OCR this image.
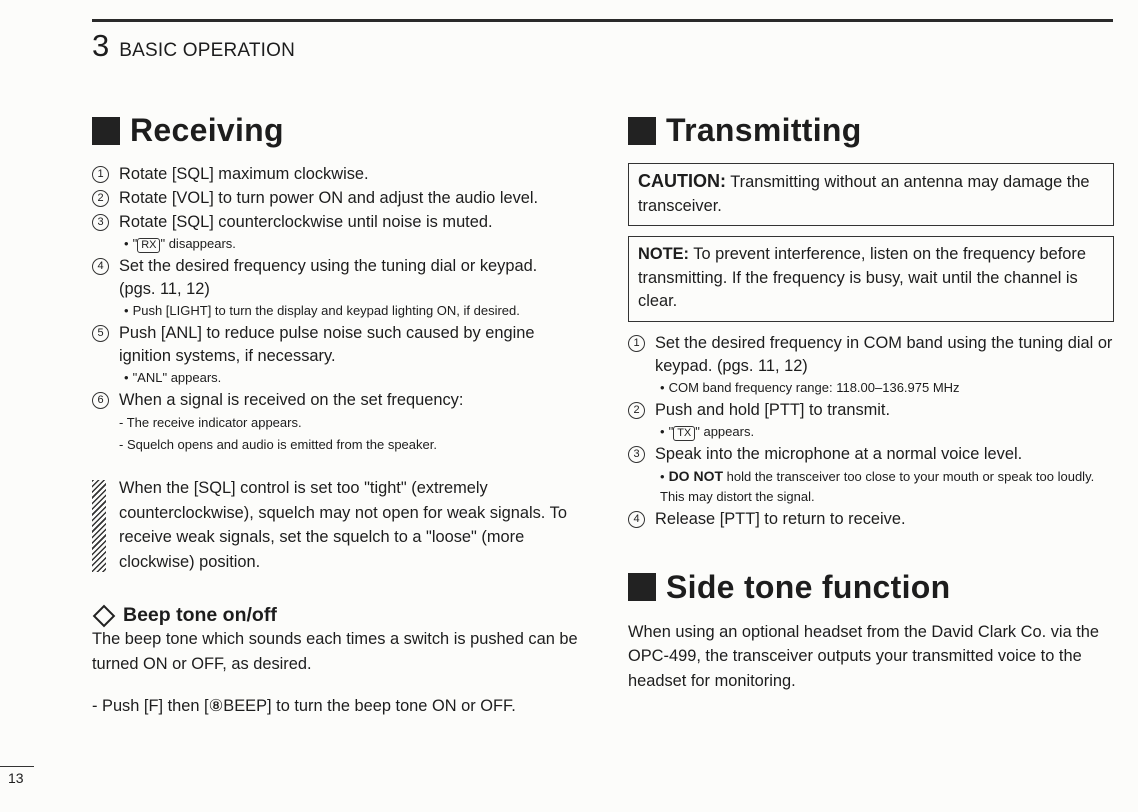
3 BASIC OPERATION
Receiving
1 Rotate [SQL] maximum clockwise.
2 Rotate [VOL] to turn power ON and adjust the audio level.
3 Rotate [SQL] counterclockwise until noise is muted.
• " RX " disappears.
4 Set the desired frequency using the tuning dial or keypad. (pgs. 11, 12)
• Push [LIGHT] to turn the display and keypad lighting ON, if desired.
5 Push [ANL] to reduce pulse noise such caused by engine ignition systems, if necessary.
• "ANL" appears.
6 When a signal is received on the set frequency:
- The receive indicator appears.
- Squelch opens and audio is emitted from the speaker.
When the [SQL] control is set too "tight" (extremely counterclockwise), squelch may not open for weak signals. To receive weak signals, set the squelch to a "loose" (more clockwise) position.
Beep tone on/off

The beep tone which sounds each times a switch is pushed can be turned ON or OFF, as desired.

- Push [F] then [⑧BEEP] to turn the beep tone ON or OFF.

Transmitting
CAUTION: Transmitting without an antenna may damage the transceiver.
NOTE: To prevent interference, listen on the frequency before transmitting. If the frequency is busy, wait until the channel is clear.
1 Set the desired frequency in COM band using the tuning dial or keypad. (pgs. 11, 12)
• COM band frequency range: 118.00–136.975 MHz
2 Push and hold [PTT] to transmit.
• " TX " appears.
3 Speak into the microphone at a normal voice level.
• DO NOT hold the transceiver too close to your mouth or speak too loudly. This may distort the signal.
4 Release [PTT] to return to receive.
Side tone function

When using an optional headset from the David Clark Co. via the OPC-499, the transceiver outputs your transmitted voice to the headset for monitoring.

13
